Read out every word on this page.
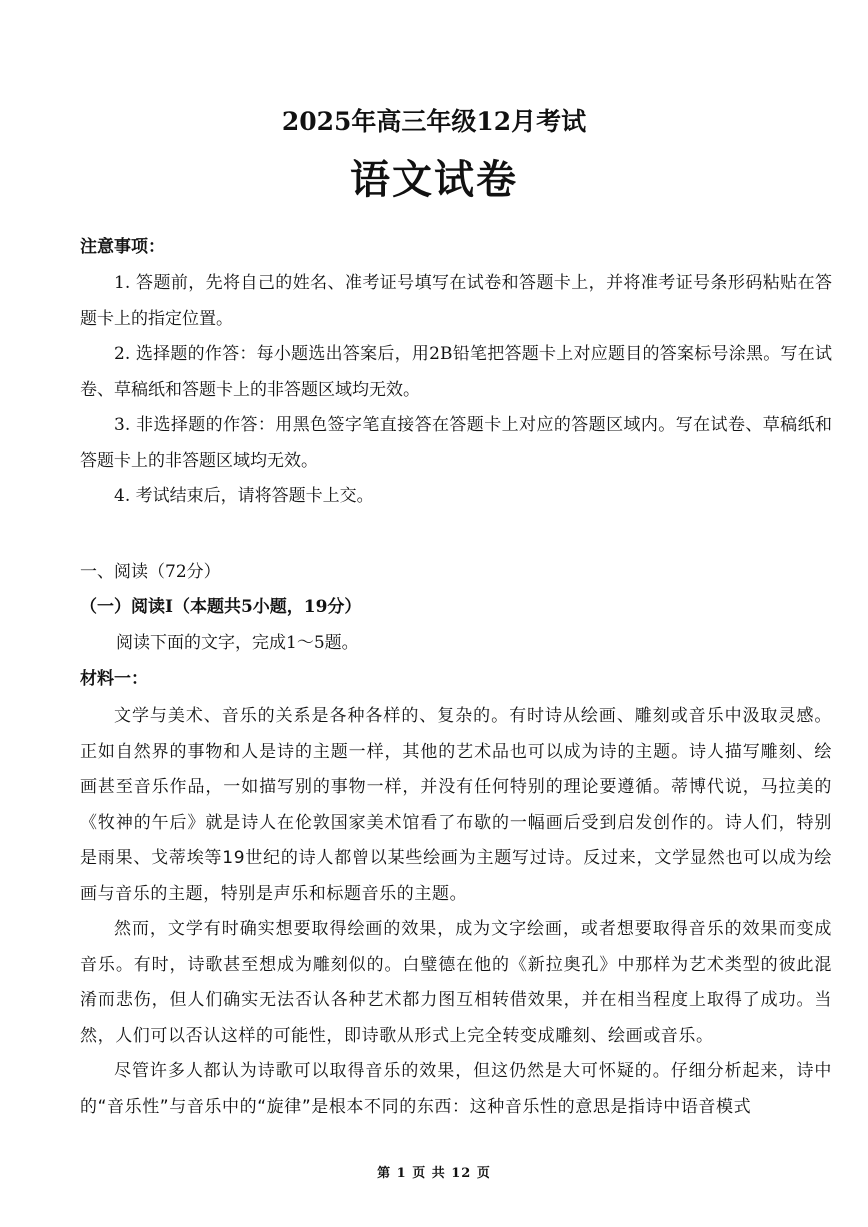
2025年高三年级12月考试
语文试卷
注意事项：

1. 答题前，先将自己的姓名、准考证号填写在试卷和答题卡上，并将准考证号条形码粘贴在答题卡上的指定位置。

2. 选择题的作答：每小题选出答案后，用2B铅笔把答题卡上对应题目的答案标号涂黑。写在试卷、草稿纸和答题卡上的非答题区域均无效。

3. 非选择题的作答：用黑色签字笔直接答在答题卡上对应的答题区域内。写在试卷、草稿纸和答题卡上的非答题区域均无效。

4. 考试结束后，请将答题卡上交。

一、阅读（72分）
（一）阅读I（本题共5小题，19分）
阅读下面的文字，完成1～5题。
材料一：

文学与美术、音乐的关系是各种各样的、复杂的。有时诗从绘画、雕刻或音乐中汲取灵感。正如自然界的事物和人是诗的主题一样，其他的艺术品也可以成为诗的主题。诗人描写雕刻、绘画甚至音乐作品，一如描写别的事物一样，并没有任何特别的理论要遵循。蒂博代说，马拉美的《牧神的午后》就是诗人在伦敦国家美术馆看了布歇的一幅画后受到启发创作的。诗人们，特别是雨果、戈蒂埃等19世纪的诗人都曾以某些绘画为主题写过诗。反过来，文学显然也可以成为绘画与音乐的主题，特别是声乐和标题音乐的主题。

然而，文学有时确实想要取得绘画的效果，成为文字绘画，或者想要取得音乐的效果而变成音乐。有时，诗歌甚至想成为雕刻似的。白璧德在他的《新拉奥孔》中那样为艺术类型的彼此混淆而悲伤，但人们确实无法否认各种艺术都力图互相转借效果，并在相当程度上取得了成功。当然，人们可以否认这样的可能性，即诗歌从形式上完全转变成雕刻、绘画或音乐。

尽管许多人都认为诗歌可以取得音乐的效果，但这仍然是大可怀疑的。仔细分析起来，诗中的“音乐性”与音乐中的“旋律”是根本不同的东西：这种音乐性的意思是指诗中语音模式

第 1 页 共 12 页
